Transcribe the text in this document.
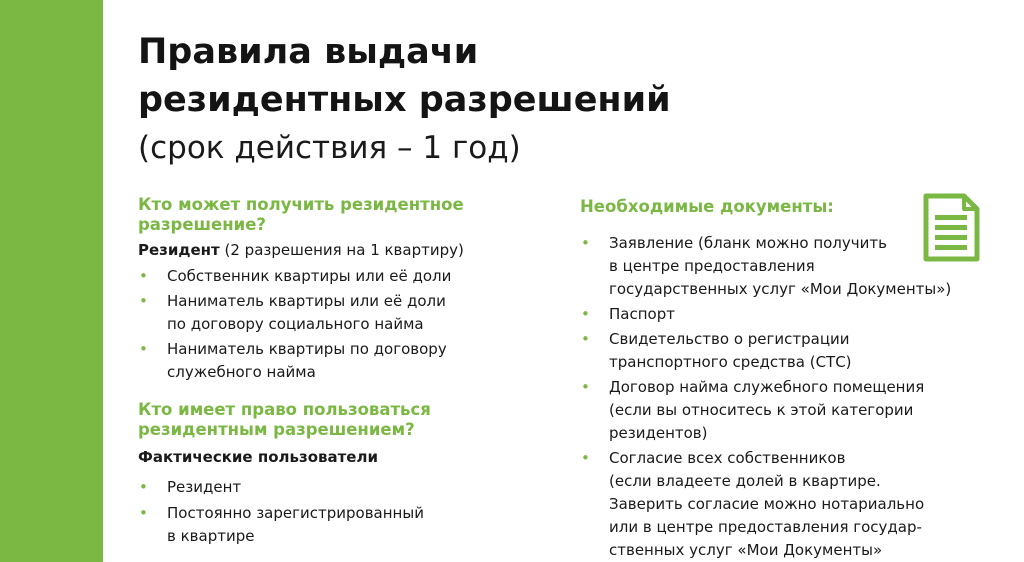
Правила выдачи
резидентных разрешений
(срок действия – 1 год)
Кто может получить резидентное
разрешение?

Резидент (2 разрешения на 1 квартиру)

• Собственник квартиры или её доли
• Наниматель квартиры или её доли
по договору социального найма
• Наниматель квартиры по договору
служебного найма
Кто имеет право пользоваться
резидентным разрешением?

Фактические пользователи

• Резидент
• Постоянно зарегистрированный
в квартире
Необходимые документы:
• Заявление (бланк можно получить
в центре предоставления
государственных услуг «Мои Документы»)
• Паспорт
• Свидетельство о регистрации
транспортного средства (СТС)
• Договор найма служебного помещения
(если вы относитесь к этой категории
резидентов)
• Согласие всех собственников
(если владеете долей в квартире.
Заверить согласие можно нотариально
или в центре предоставления государ-
ственных услуг «Мои Документы»
